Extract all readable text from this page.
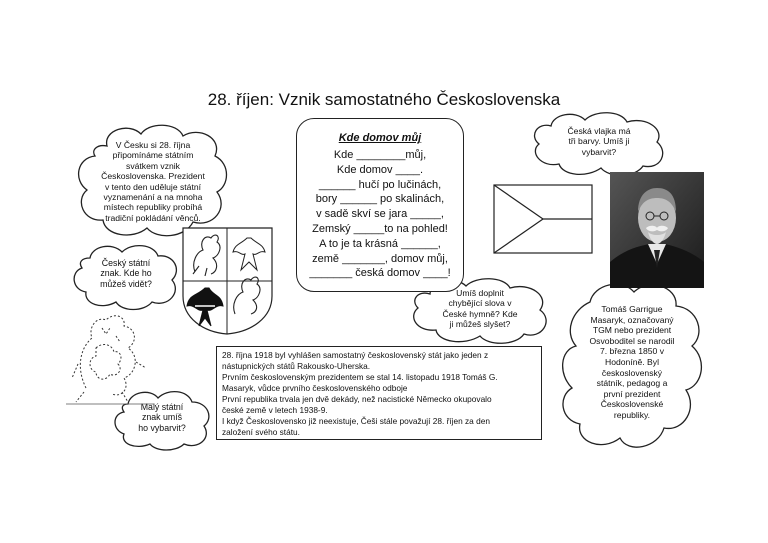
28. říjen: Vznik samostatného Československa
V Česku si 28. října
připomínáme státním
svátkem vznik
Československa. Prezident
v tento den uděluje státní
vyznamenání a na mnoha
místech republiky probíhá
tradiční pokládání věnců.
Český státní
znak. Kde ho
můžeš vidět?
Malý státní
znak umíš
ho vybarvit?
Česká vlajka má
tři barvy. Umíš ji
vybarvit?
Umíš doplnit
chybějící slova v
České hymně? Kde
ji můžeš slyšet?
Tomáš Garrigue
Masaryk, označovaný
TGM nebo prezident
Osvoboditel se narodil
7. března 1850 v
Hodoníně. Byl
československý
státník, pedagog a
první prezident
Československé
republiky.
Kde domov můj
Kde ________můj,
Kde domov ____.
______ hučí po lučinách,
bory ______ po skalinách,
v sadě skví se jara _____,
Zemský _____to na pohled!
A to je ta krásná ______,
země _______, domov můj,
_______ česká domov ____!
28. října 1918 byl vyhlášen samostatný československý stát jako jeden z
nástupnických států Rakousko-Uherska.
Prvním československým prezidentem se stal 14. listopadu 1918 Tomáš G.
Masaryk, vůdce prvního československého odboje
První republika trvala jen dvě dekády, než nacistické Německo okupovalo
české země v letech 1938-9.
I když Československo již neexistuje, Češi stále považují 28. říjen za den
založení svého státu.
